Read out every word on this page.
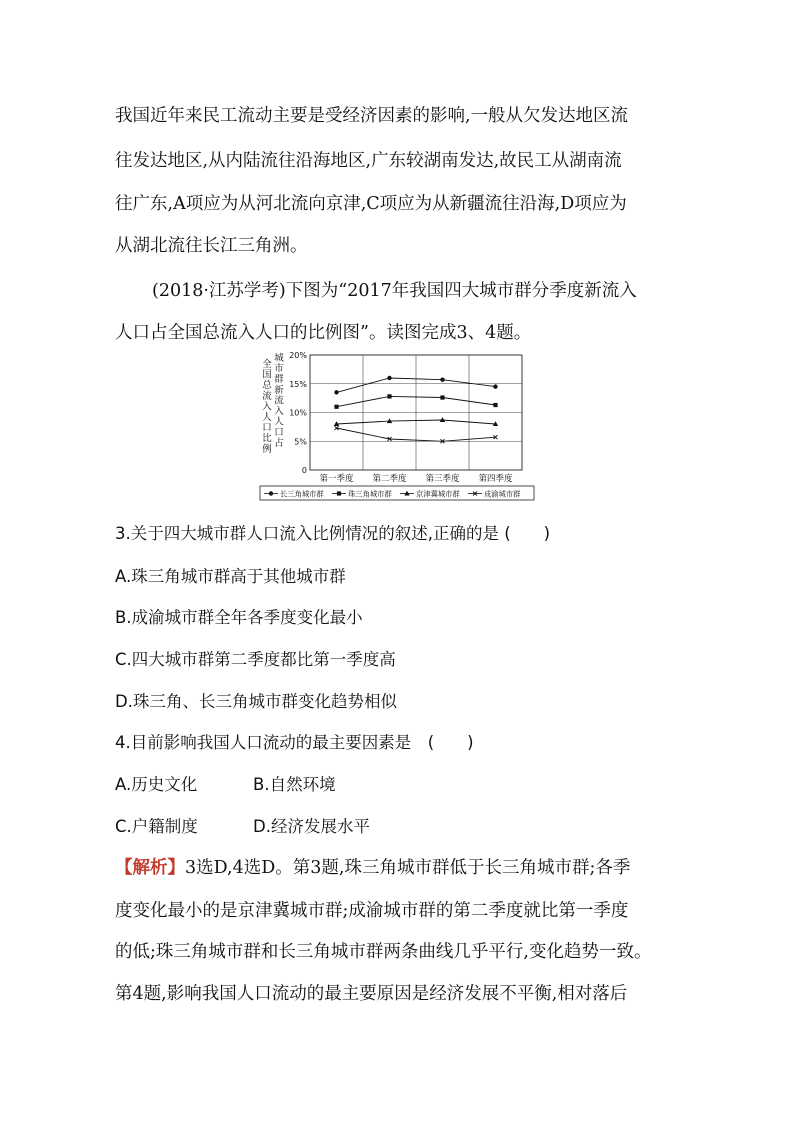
我国近年来民工流动主要是受经济因素的影响,一般从欠发达地区流
往发达地区,从内陆流往沿海地区,广东较湖南发达,故民工从湖南流
往广东,A项应为从河北流向京津,C项应为从新疆流往沿海,D项应为
从湖北流往长江三角洲。
(2018·江苏学考)下图为“2017年我国四大城市群分季度新流入
人口占全国总流入人口的比例图”。读图完成3、4题。
全
国
总
流
入
人
口
比
例
城
市
群
新
流
入
人
口
占
0
5%
10%
15%
20%
第一季度 第二季度 第三季度 第四季度
长三角城市群	珠三角城市群	京津冀城市群	成渝城市群
3.关于四大城市群人口流入比例情况的叙述,正确的是 (　　)
A.珠三角城市群高于其他城市群
B.成渝城市群全年各季度变化最小
C.四大城市群第二季度都比第一季度高
D.珠三角、长三角城市群变化趋势相似
4.目前影响我国人口流动的最主要因素是　(　　)
A.历史文化	B.自然环境
C.户籍制度	D.经济发展水平
【解析】3选D,4选D。第3题,珠三角城市群低于长三角城市群;各季
度变化最小的是京津冀城市群;成渝城市群的第二季度就比第一季度
的低;珠三角城市群和长三角城市群两条曲线几乎平行,变化趋势一致。
第4题,影响我国人口流动的最主要原因是经济发展不平衡,相对落后
